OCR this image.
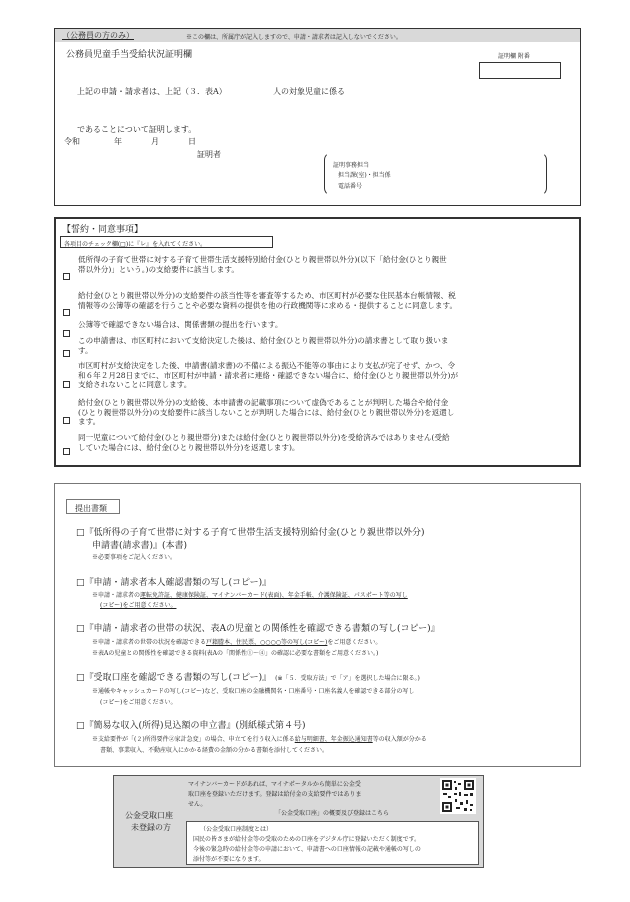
（公務員の方のみ）	※この欄は、所属庁が記入しますので、申請・請求者は記入しないでください。
公務員児童手当受給状況証明欄	証明欄 附番
上記の申請・請求者は、上記（３．表A）	人の対象児童に係る
であることについて証明します。
令和	年	月	日
証明者
証明事務担当
担当課(室)・担当係
電話番号
【誓約・同意事項】
各項目のチェック欄(□)に『レ』を入れてください。
低所得の子育て世帯に対する子育て世帯生活支援特別給付金(ひとり親世帯以外分)(以下「給付金(ひとり親世
帯以外分)」という。)の支給要件に該当します。
給付金(ひとり親世帯以外分)の支給要件の該当性等を審査等するため、市区町村が必要な住民基本台帳情報、税
情報等の公簿等の確認を行うことや必要な資料の提供を他の行政機関等に求める・提供することに同意します。
公簿等で確認できない場合は、関係書類の提出を行います。
この申請書は、市区町村において支給決定した後は、給付金(ひとり親世帯以外分)の請求書として取り扱いま
す。
市区町村が支給決定をした後、申請書(請求書)の不備による振込不能等の事由により支払が完了せず、かつ、令
和６年２月28日までに、市区町村が申請・請求者に連絡・確認できない場合に、給付金(ひとり親世帯以外分)が
支給されないことに同意します。
給付金(ひとり親世帯以外分)の支給後、本申請書の記載事項について虚偽であることが判明した場合や給付金
(ひとり親世帯以外分)の支給要件に該当しないことが判明した場合には、給付金(ひとり親世帯以外分)を返還し
ます。
同一児童について給付金(ひとり親世帯分)または給付金(ひとり親世帯以外分)を受給済みではありません(受給
していた場合には、給付金(ひとり親世帯以外分)を返還します)。
提出書類
□『低所得の子育て世帯に対する子育て世帯生活支援特別給付金(ひとり親世帯以外分)
申請書(請求書)』(本書)
※必要事項をご記入ください。
□『申請・請求者本人確認書類の写し(コピー)』
※申請・請求者の運転免許証、健康保険証、マイナンバーカード(表面)、年金手帳、介護保険証、パスポート等の写し
(コピー)をご用意ください。
□『申請・請求者の世帯の状況、表Aの児童との関係性を確認できる書類の写し(コピー)』
※申請・請求者の世帯の状況を確認できる戸籍謄本、住民票、○○○○等の写し(コピー)をご用意ください。
※表Aの児童との関係性を確認できる資料(表Aの「関係性①～④」の確認に必要な書類をご用意ください。)
□『受取口座を確認できる書類の写し(コピー)』 (※「５．受取方法」で「ア」を選択した場合に限る。)
※通帳やキャッシュカードの写し(コピー)など、受取口座の金融機関名・口座番号・口座名義人を確認できる部分の写し
(コピー)をご用意ください。
□『簡易な収入(所得)見込額の申立書』(別紙様式第４号)
※支給要件が「(２)所得要件②家計急変」の場合、申立てを行う収入に係る給与明細書、年金振込通知書等の収入額が分かる
書類、事業収入、不動産収入にかかる経費の金額の分かる書類を添付してください。
公金受取口座
未登録の方
マイナンバーカードがあれば、マイナポータルから簡単に公金受
取口座を登録いただけます。登録は給付金の支給要件ではありま
せん。
「公金受取口座」の概要及び登録はこちら
（公金受取口座制度とは）
国民の皆さまが給付金等の受取のための口座をデジタル庁に登録いただく制度です。
今後の緊急時の給付金等の申請において、申請書への口座情報の記載や通帳の写しの
添付等が不要になります。
